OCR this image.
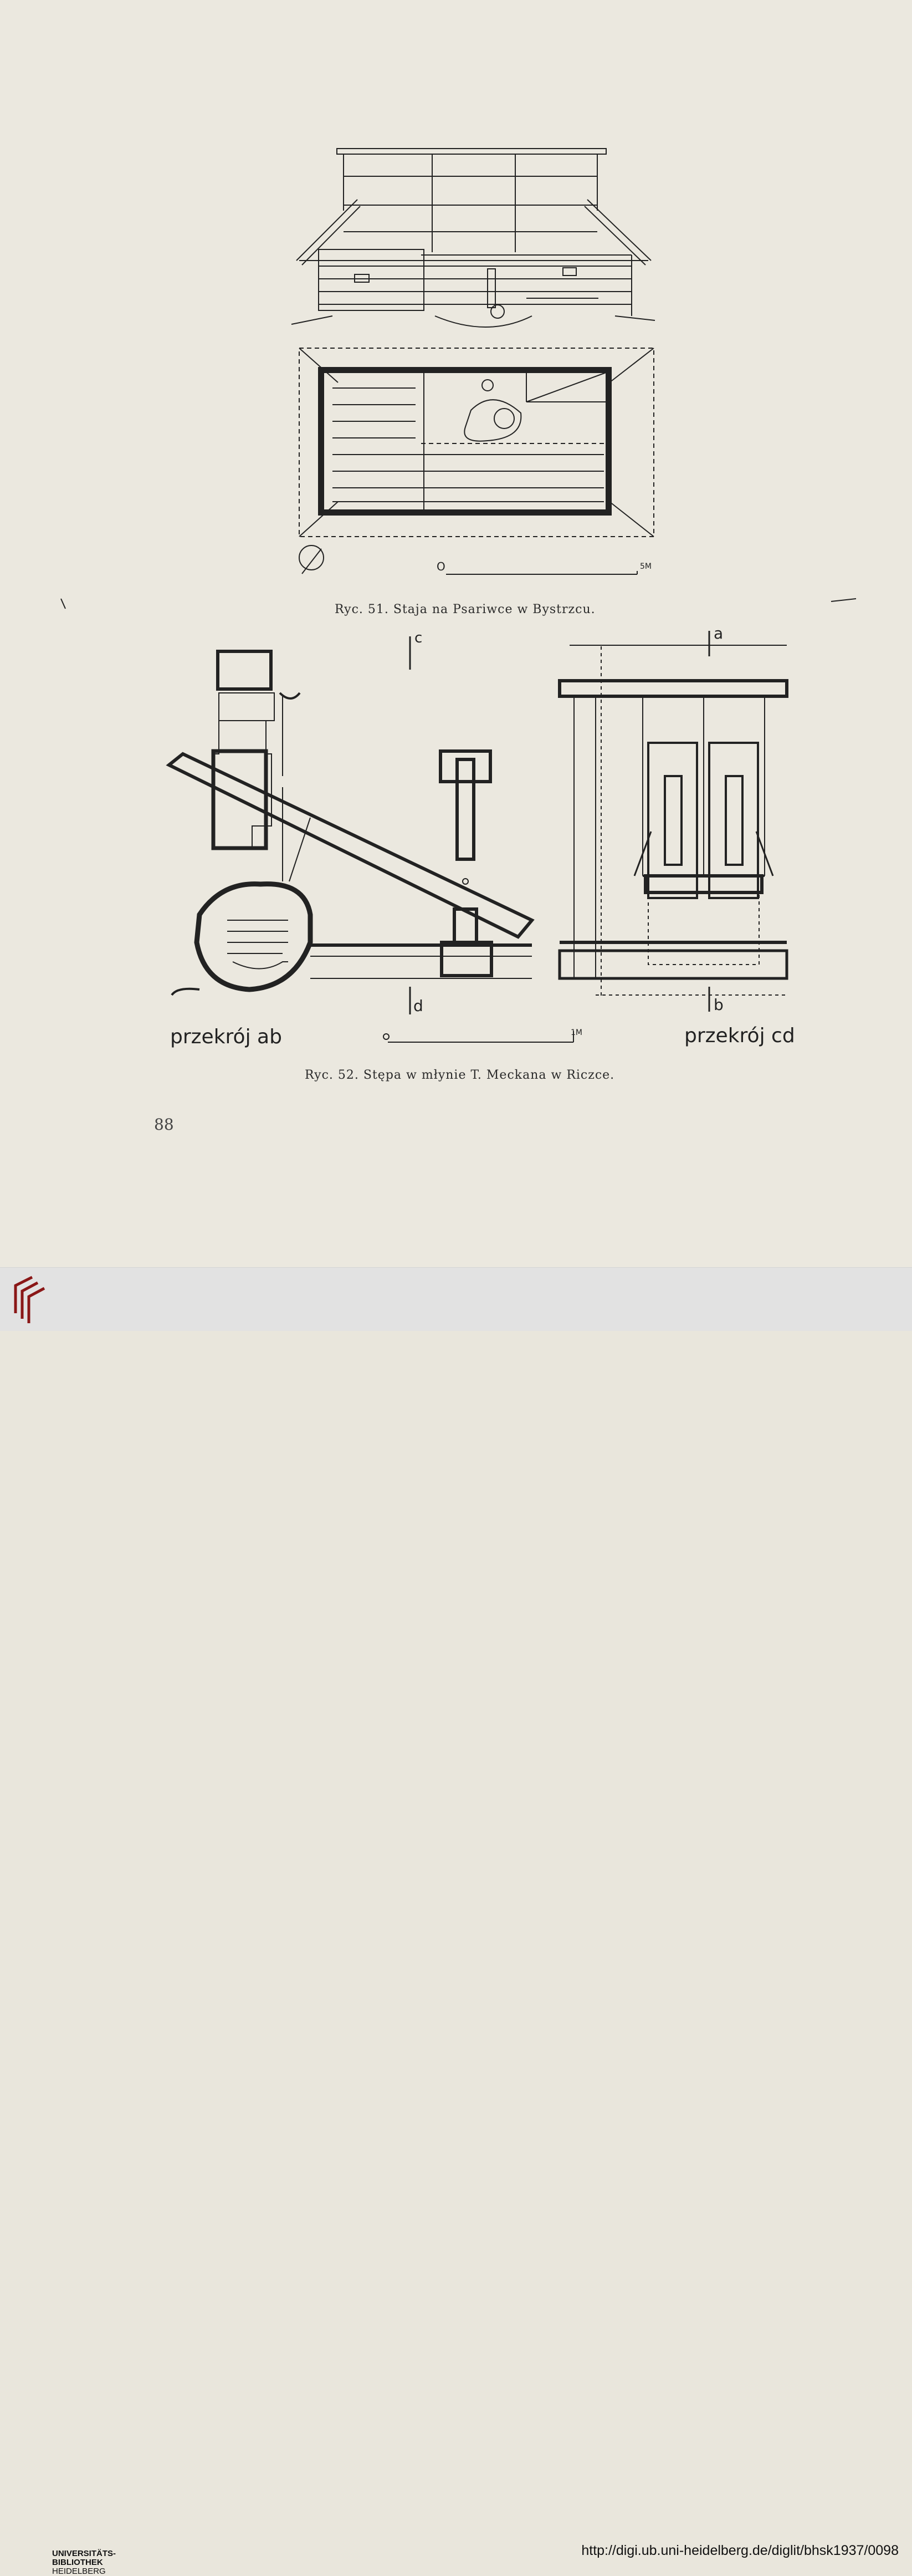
Ryc. 51. Staja na Psariwce w Bystrzcu.
O	5M
c	a
d	b
przekrój ab	przekrój cd
1M
Ryc. 52. Stępa w młynie T. Meckana w Riczce.
88
UNIVERSITÄTS-
BIBLIOTHEK
HEIDELBERG
http://digi.ub.uni-heidelberg.de/diglit/bhsk1937/0098
